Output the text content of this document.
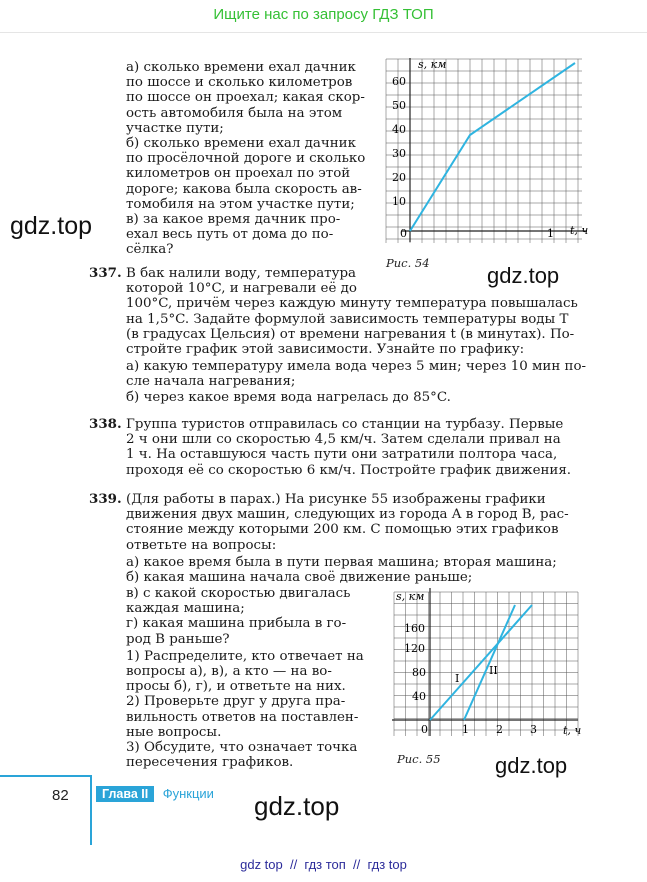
Ищите нас по запросу ГДЗ ТОП
а) сколько времени ехал дачник
по шоссе и сколько километров
по шоссе он проехал; какая скор-
ость автомобиля была на этом
участке пути;
б) сколько времени ехал дачник
по просёлочной дороге и сколько
километров он проехал по этой
дороге; какова была скорость ав-
томобиля на этом участке пути;
в) за какое время дачник про-
ехал весь путь от дома до по-
сёлка?
60
50
40
30
20
10
0	1
s, км
t, ч
Рис. 54
gdz.top
gdz.top
gdz.top
gdz.top
337. В бак налили воду, температура
которой 10°C, и нагревали её до
100°C, причём через каждую минуту температура повышалась
на 1,5°C. Задайте формулой зависимость температуры воды T
(в градусах Цельсия) от времени нагревания t (в минутах). По-
стройте график этой зависимости. Узнайте по графику:
а) какую температуру имела вода через 5 мин; через 10 мин по-
сле начала нагревания;
б) через какое время вода нагрелась до 85°C.
338. Группа туристов отправилась со станции на турбазу. Первые
2 ч они шли со скоростью 4,5 км/ч. Затем сделали привал на
1 ч. На оставшуюся часть пути они затратили полтора часа,
проходя её со скоростью 6 км/ч. Постройте график движения.
339. (Для работы в парах.) На рисунке 55 изображены графики
движения двух машин, следующих из города A в город B, рас-
стояние между которыми 200 км. С помощью этих графиков
ответьте на вопросы:
а) какое время была в пути первая машина; вторая машина;
б) какая машина начала своё движение раньше;
в) с какой скоростью двигалась
каждая машина;
г) какая машина прибыла в го-
род B раньше?
1) Распределите, кто отвечает на
вопросы а), в), а кто — на во-
просы б), г), и ответьте на них.
2) Проверьте друг у друга пра-
вильность ответов на поставлен-
ные вопросы.
3) Обсудите, что означает точка
пересечения графиков.
s, км
160
120
80
40
0	1 2 3 t, ч
I
II
Рис. 55
82	Глава II Функции
gdz top  //  гдз топ  //  гдз top
